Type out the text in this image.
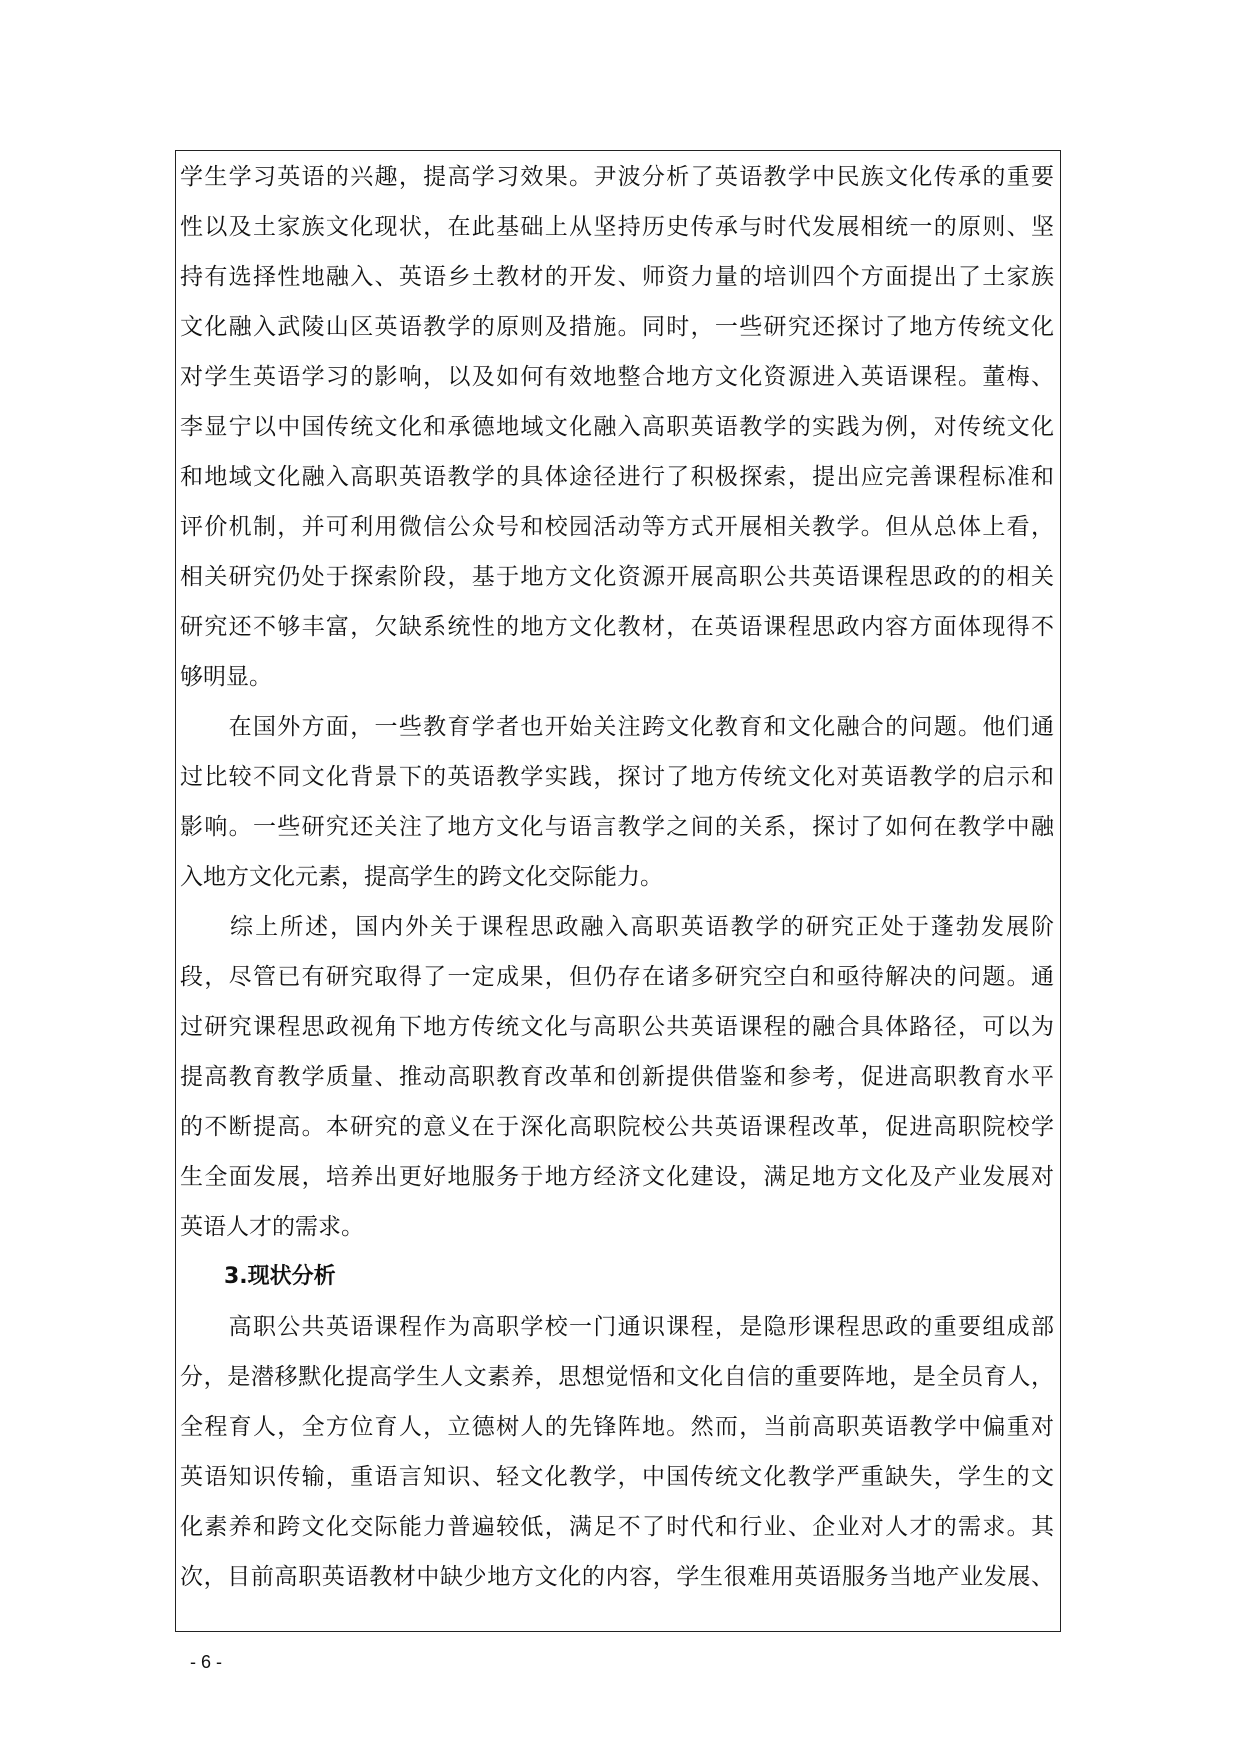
学生学习英语的兴趣，提高学习效果。尹波分析了英语教学中民族文化传承的重要
性以及土家族文化现状，在此基础上从坚持历史传承与时代发展相统一的原则、坚
持有选择性地融入、英语乡土教材的开发、师资力量的培训四个方面提出了土家族
文化融入武陵山区英语教学的原则及措施。同时，一些研究还探讨了地方传统文化
对学生英语学习的影响，以及如何有效地整合地方文化资源进入英语课程。董梅、
李显宁以中国传统文化和承德地域文化融入高职英语教学的实践为例，对传统文化
和地域文化融入高职英语教学的具体途径进行了积极探索，提出应完善课程标准和
评价机制，并可利用微信公众号和校园活动等方式开展相关教学。但从总体上看，
相关研究仍处于探索阶段，基于地方文化资源开展高职公共英语课程思政的的相关
研究还不够丰富，欠缺系统性的地方文化教材，在英语课程思政内容方面体现得不
够明显。
　　在国外方面，一些教育学者也开始关注跨文化教育和文化融合的问题。他们通
过比较不同文化背景下的英语教学实践，探讨了地方传统文化对英语教学的启示和
影响。一些研究还关注了地方文化与语言教学之间的关系，探讨了如何在教学中融
入地方文化元素，提高学生的跨文化交际能力。
　　综上所述，国内外关于课程思政融入高职英语教学的研究正处于蓬勃发展阶
段，尽管已有研究取得了一定成果，但仍存在诸多研究空白和亟待解决的问题。通
过研究课程思政视角下地方传统文化与高职公共英语课程的融合具体路径，可以为
提高教育教学质量、推动高职教育改革和创新提供借鉴和参考，促进高职教育水平
的不断提高。本研究的意义在于深化高职院校公共英语课程改革，促进高职院校学
生全面发展，培养出更好地服务于地方经济文化建设，满足地方文化及产业发展对
英语人才的需求。
　　3.现状分析
　　高职公共英语课程作为高职学校一门通识课程，是隐形课程思政的重要组成部
分，是潜移默化提高学生人文素养，思想觉悟和文化自信的重要阵地，是全员育人，
全程育人，全方位育人，立德树人的先锋阵地。然而，当前高职英语教学中偏重对
英语知识传输，重语言知识、轻文化教学，中国传统文化教学严重缺失，学生的文
化素养和跨文化交际能力普遍较低，满足不了时代和行业、企业对人才的需求。其
次，目前高职英语教材中缺少地方文化的内容，学生很难用英语服务当地产业发展、
- 6 -
